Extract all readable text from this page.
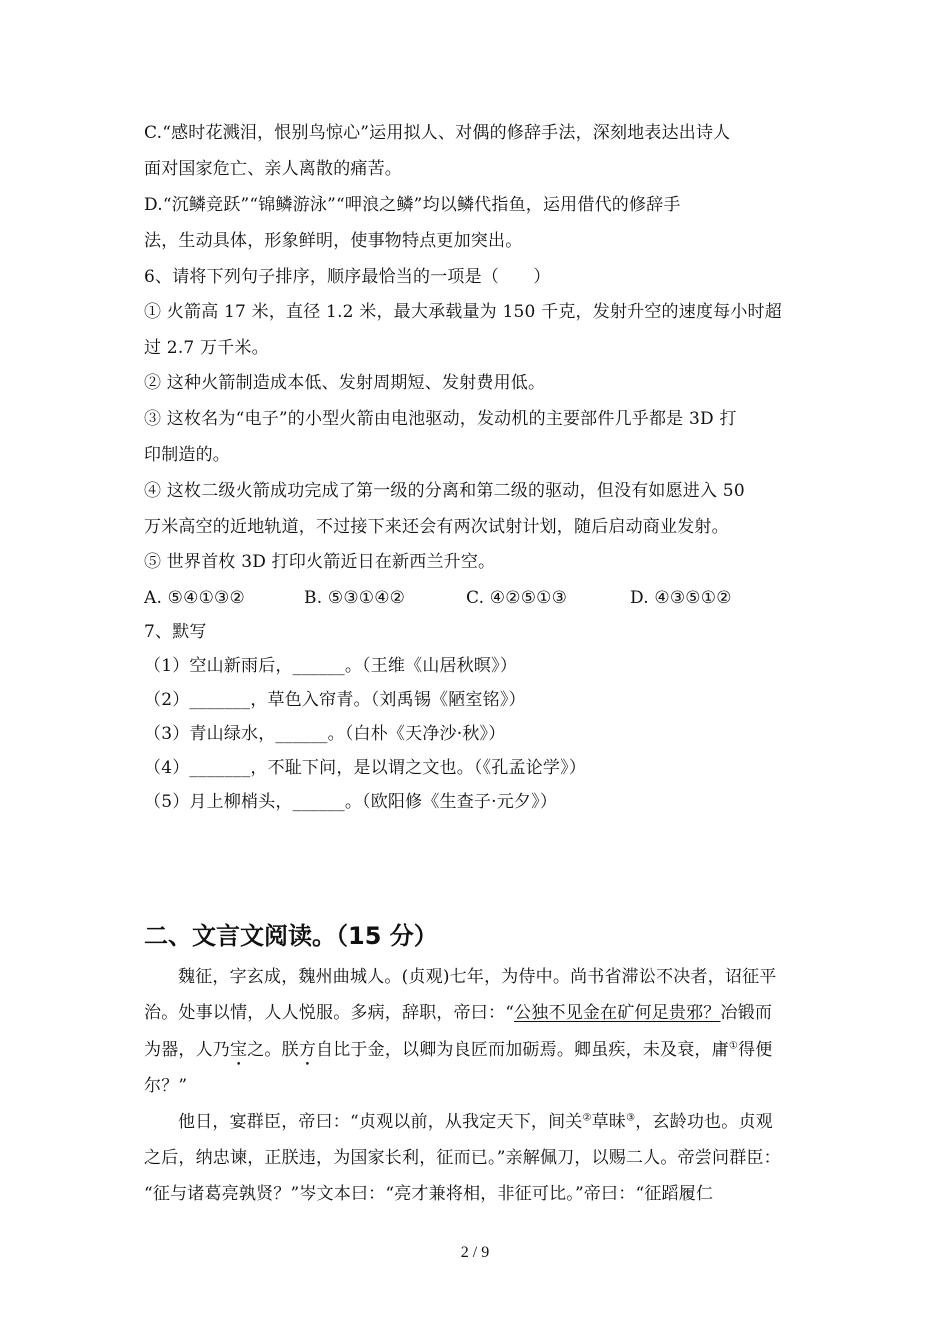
C.“感时花溅泪，恨别鸟惊心”运用拟人、对偶的修辞手法，深刻地表达出诗人
面对国家危亡、亲人离散的痛苦。
D.“沉鳞竞跃”“锦鳞游泳”“呷浪之鳞”均以鳞代指鱼，运用借代的修辞手
法，生动具体，形象鲜明，使事物特点更加突出。
6、请将下列句子排序，顺序最恰当的一项是（　　）
① 火箭高 17 米，直径 1.2 米，最大承载量为 150 千克，发射升空的速度每小时超
过 2.7 万千米。
② 这种火箭制造成本低、发射周期短、发射费用低。
③ 这枚名为“电子”的小型火箭由电池驱动，发动机的主要部件几乎都是 3D 打
印制造的。
④ 这枚二级火箭成功完成了第一级的分离和第二级的驱动，但没有如愿进入 50
万米高空的近地轨道，不过接下来还会有两次试射计划，随后启动商业发射。
⑤ 世界首枚 3D 打印火箭近日在新西兰升空。
A. ⑤④①③②	B. ⑤③①④②	C. ④②⑤①③	D. ④③⑤①②
7、默写
（1）空山新雨后，______。（王维《山居秋暝》）
（2）_______，草色入帘青。（刘禹锡《陋室铭》）
（3）青山绿水，______。（白朴《天净沙·秋》）
（4）_______，不耻下问，是以谓之文也。（《孔孟论学》）
（5）月上柳梢头，______。（欧阳修《生查子·元夕》）
二、文言文阅读。（15 分）
魏征，字玄成，魏州曲城人。(贞观)七年，为侍中。尚书省滞讼不决者，诏征平
治。处事以情，人人悦服。多病，辞职，帝曰：“公独不见金在矿何足贵邪？冶锻而
为器，人乃宝之。朕方自比于金，以卿为良匠而加砺焉。卿虽疾，未及衰，庸①得便
尔？”
他日，宴群臣，帝曰：“贞观以前，从我定天下，间关②草昧③，玄龄功也。贞观
之后，纳忠谏，正朕违，为国家长利，征而已。”亲解佩刀，以赐二人。帝尝问群臣：
“征与诸葛亮孰贤？”岑文本曰：“亮才兼将相，非征可比。”帝曰：“征蹈履仁
2 / 9
